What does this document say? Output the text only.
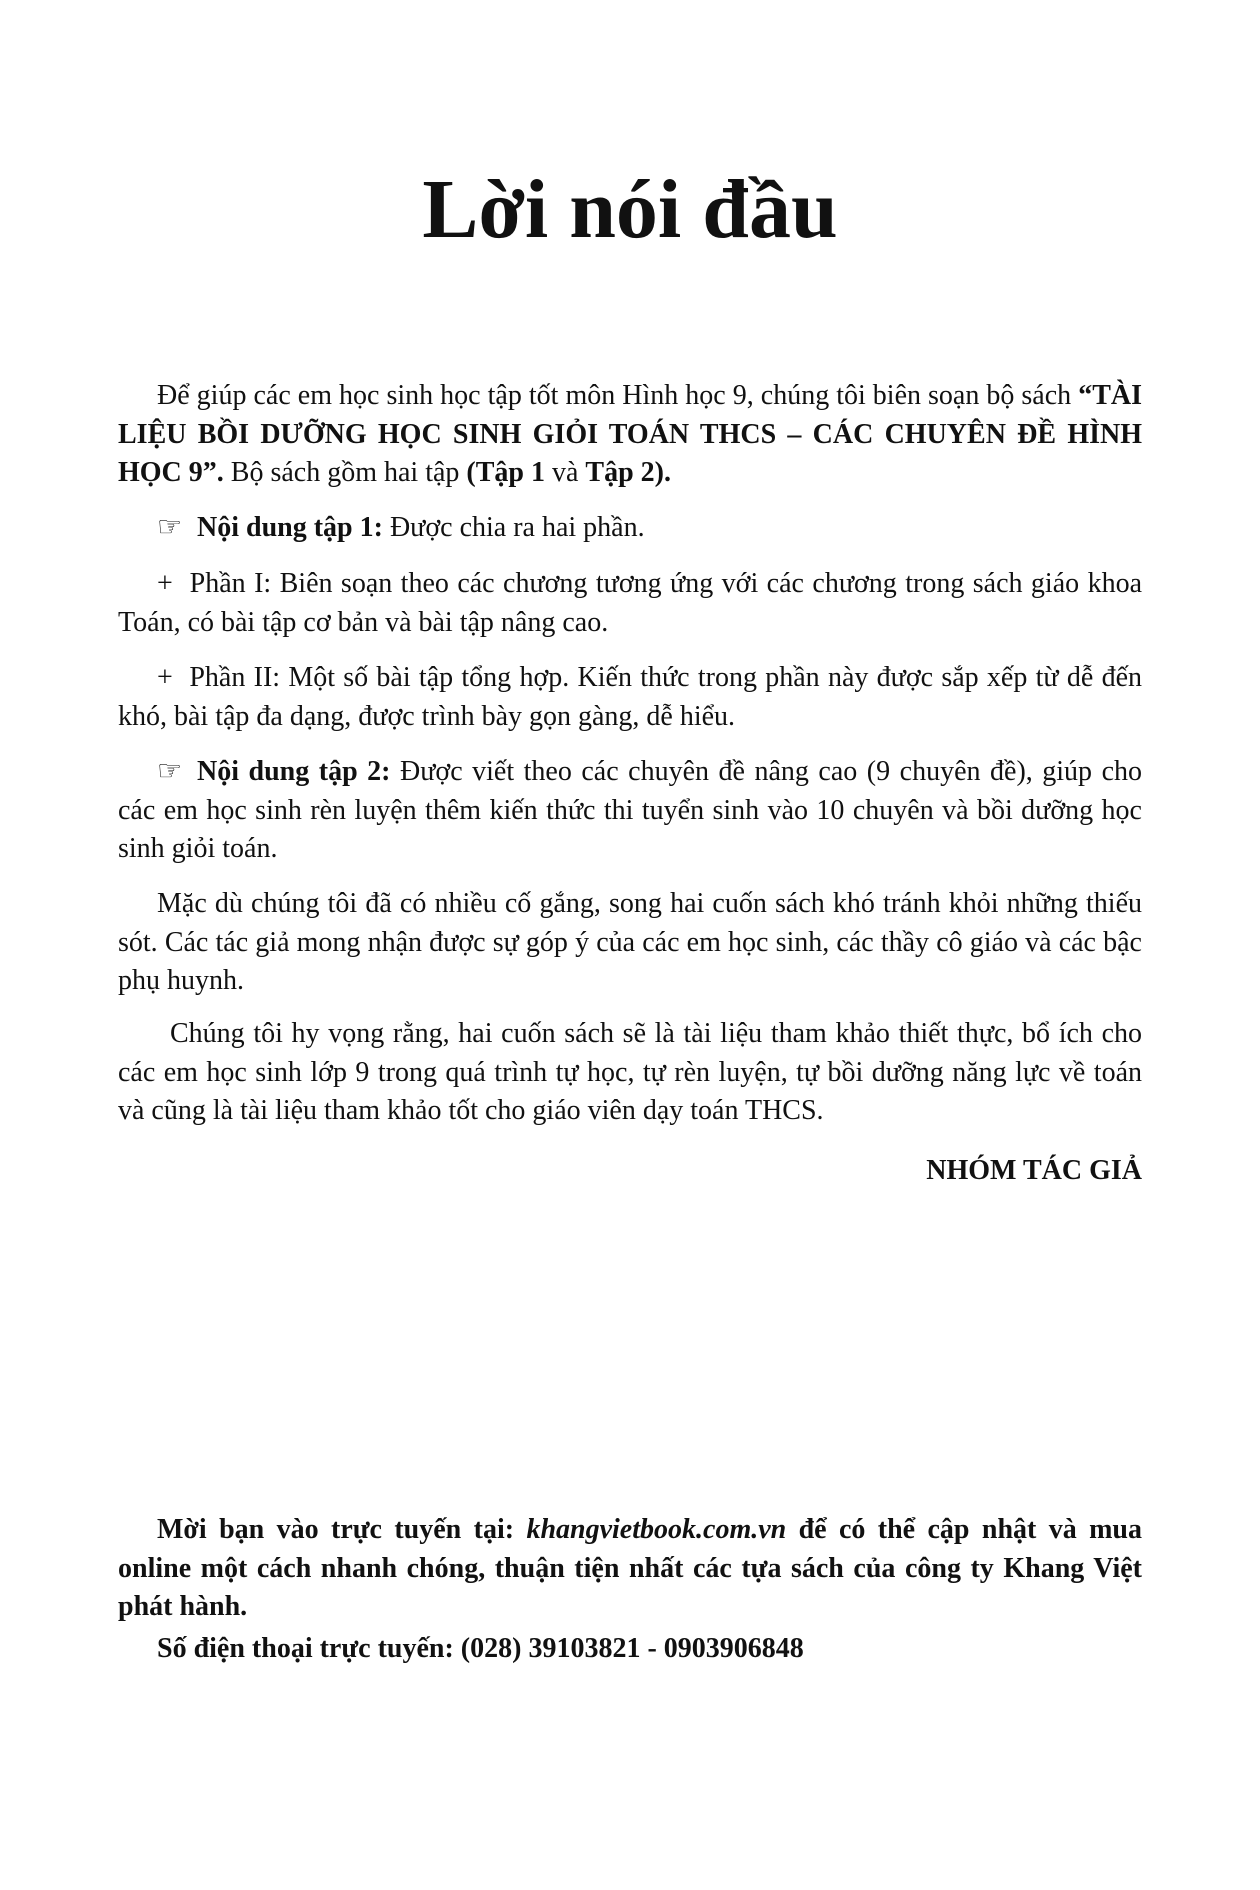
Lời nói đầu

Để giúp các em học sinh học tập tốt môn Hình học 9, chúng tôi biên soạn bộ sách “TÀI LIỆU BỒI DƯỠNG HỌC SINH GIỎI TOÁN THCS – CÁC CHUYÊN ĐỀ HÌNH HỌC 9”. Bộ sách gồm hai tập (Tập 1 và Tập 2).

☞ Nội dung tập 1: Được chia ra hai phần.

+ Phần I: Biên soạn theo các chương tương ứng với các chương trong sách giáo khoa Toán, có bài tập cơ bản và bài tập nâng cao.

+ Phần II: Một số bài tập tổng hợp. Kiến thức trong phần này được sắp xếp từ dễ đến khó, bài tập đa dạng, được trình bày gọn gàng, dễ hiểu.

☞ Nội dung tập 2: Được viết theo các chuyên đề nâng cao (9 chuyên đề), giúp cho các em học sinh rèn luyện thêm kiến thức thi tuyển sinh vào 10 chuyên và bồi dưỡng học sinh giỏi toán.

Mặc dù chúng tôi đã có nhiều cố gắng, song hai cuốn sách khó tránh khỏi những thiếu sót. Các tác giả mong nhận được sự góp ý của các em học sinh, các thầy cô giáo và các bậc phụ huynh.

Chúng tôi hy vọng rằng, hai cuốn sách sẽ là tài liệu tham khảo thiết thực, bổ ích cho các em học sinh lớp 9 trong quá trình tự học, tự rèn luyện, tự bồi dưỡng năng lực về toán và cũng là tài liệu tham khảo tốt cho giáo viên dạy toán THCS.

NHÓM TÁC GIẢ

Mời bạn vào trực tuyến tại: khangvietbook.com.vn để có thể cập nhật và mua online một cách nhanh chóng, thuận tiện nhất các tựa sách của công ty Khang Việt phát hành.

Số điện thoại trực tuyến: (028) 39103821 - 0903906848
